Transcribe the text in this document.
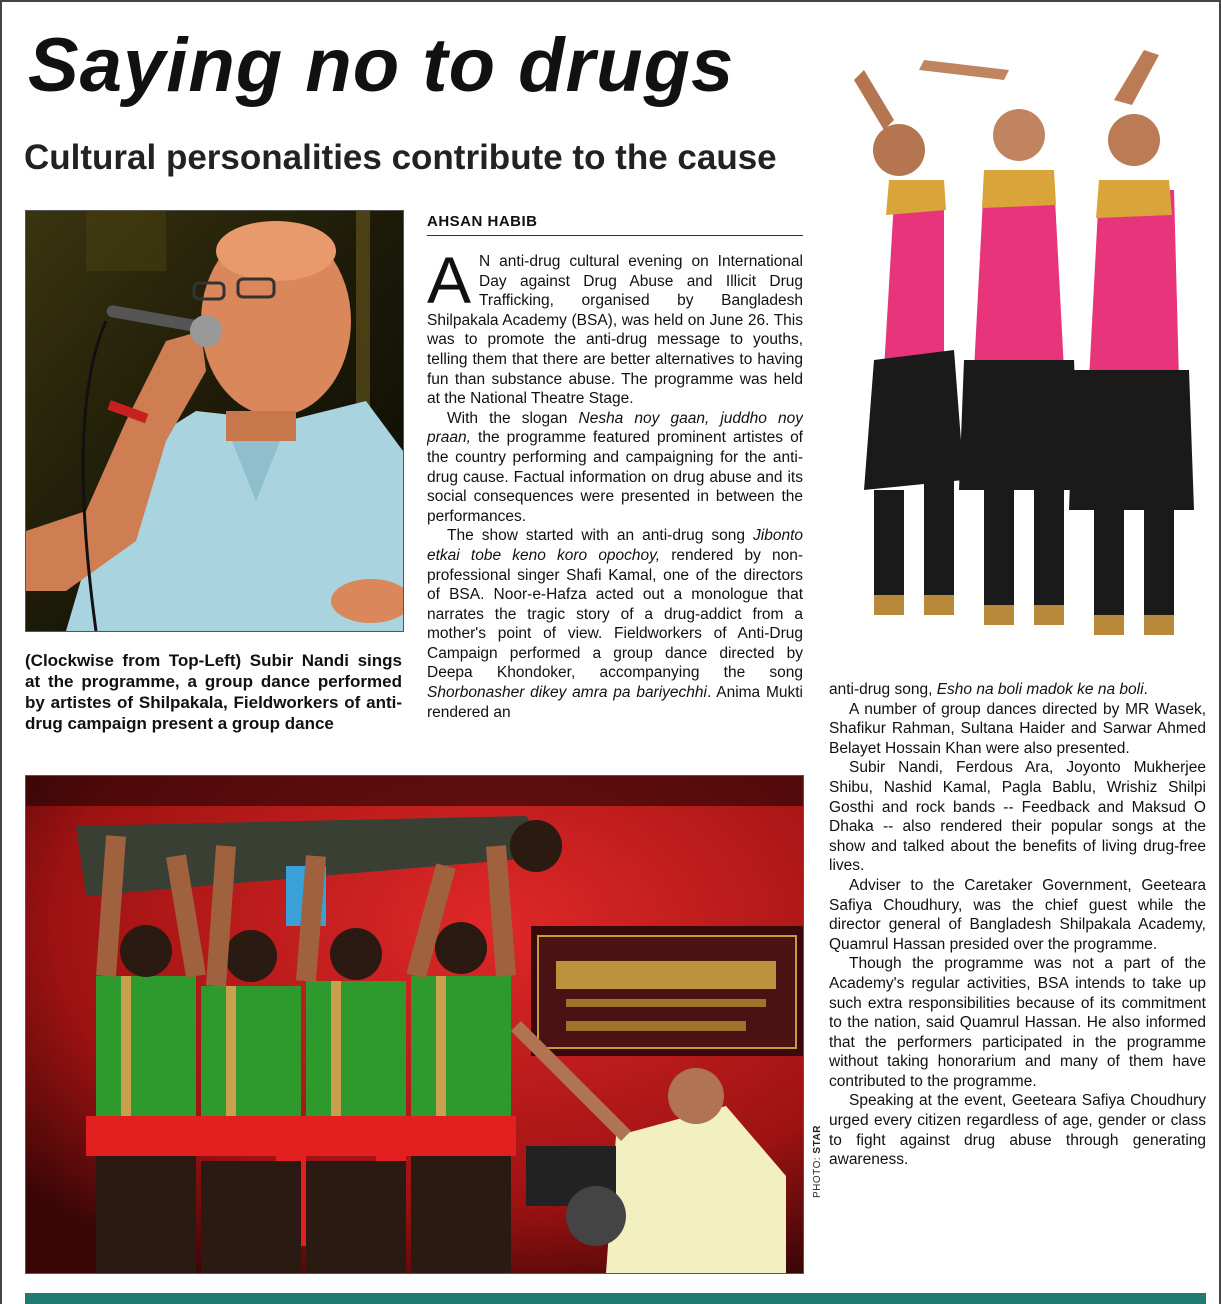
Saying no to drugs
Cultural personalities contribute to the cause

(Clockwise from Top-Left) Subir Nandi sings at the programme, a group dance performed by artistes of Shilpakala, Fieldworkers of anti-drug campaign present a group dance

AHSAN HABIB

A N anti-drug cultural evening on International Day against Drug Abuse and Illicit Drug Trafficking, organised by Bangladesh Shilpakala Academy (BSA), was held on June 26. This was to promote the anti-drug message to youths, telling them that there are better alternatives to having fun than substance abuse. The programme was held at the National Theatre Stage.

With the slogan Nesha noy gaan, juddho noy praan, the programme featured prominent artistes of the country performing and campaigning for the anti-drug cause. Factual information on drug abuse and its social consequences were presented in between the performances.

The show started with an anti-drug song Jibonto etkai tobe keno koro opochoy, rendered by non-professional singer Shafi Kamal, one of the directors of BSA. Noor-e-Hafza acted out a monologue that narrates the tragic story of a drug-addict from a mother's point of view. Fieldworkers of Anti-Drug Campaign performed a group dance directed by Deepa Khondoker, accompanying the song Shorbonasher dikey amra pa bariyechhi. Anima Mukti rendered an

anti-drug song, Esho na boli madok ke na boli.

A number of group dances directed by MR Wasek, Shafikur Rahman, Sultana Haider and Sarwar Ahmed Belayet Hossain Khan were also presented.

Subir Nandi, Ferdous Ara, Joyonto Mukherjee Shibu, Nashid Kamal, Pagla Bablu, Wrishiz Shilpi Gosthi and rock bands -- Feedback and Maksud O Dhaka -- also rendered their popular songs at the show and talked about the benefits of living drug-free lives.

Adviser to the Caretaker Government, Geeteara Safiya Choudhury, was the chief guest while the director general of Bangladesh Shilpakala Academy, Quamrul Hassan presided over the programme.

Though the programme was not a part of the Academy's regular activities, BSA intends to take up such extra responsibilities because of its commitment to the nation, said Quamrul Hassan. He also informed that the performers participated in the programme without taking honorarium and many of them have contributed to the programme.

Speaking at the event, Geeteara Safiya Choudhury urged every citizen regardless of age, gender or class to fight against drug abuse through generating awareness.

PHOTO: STAR
